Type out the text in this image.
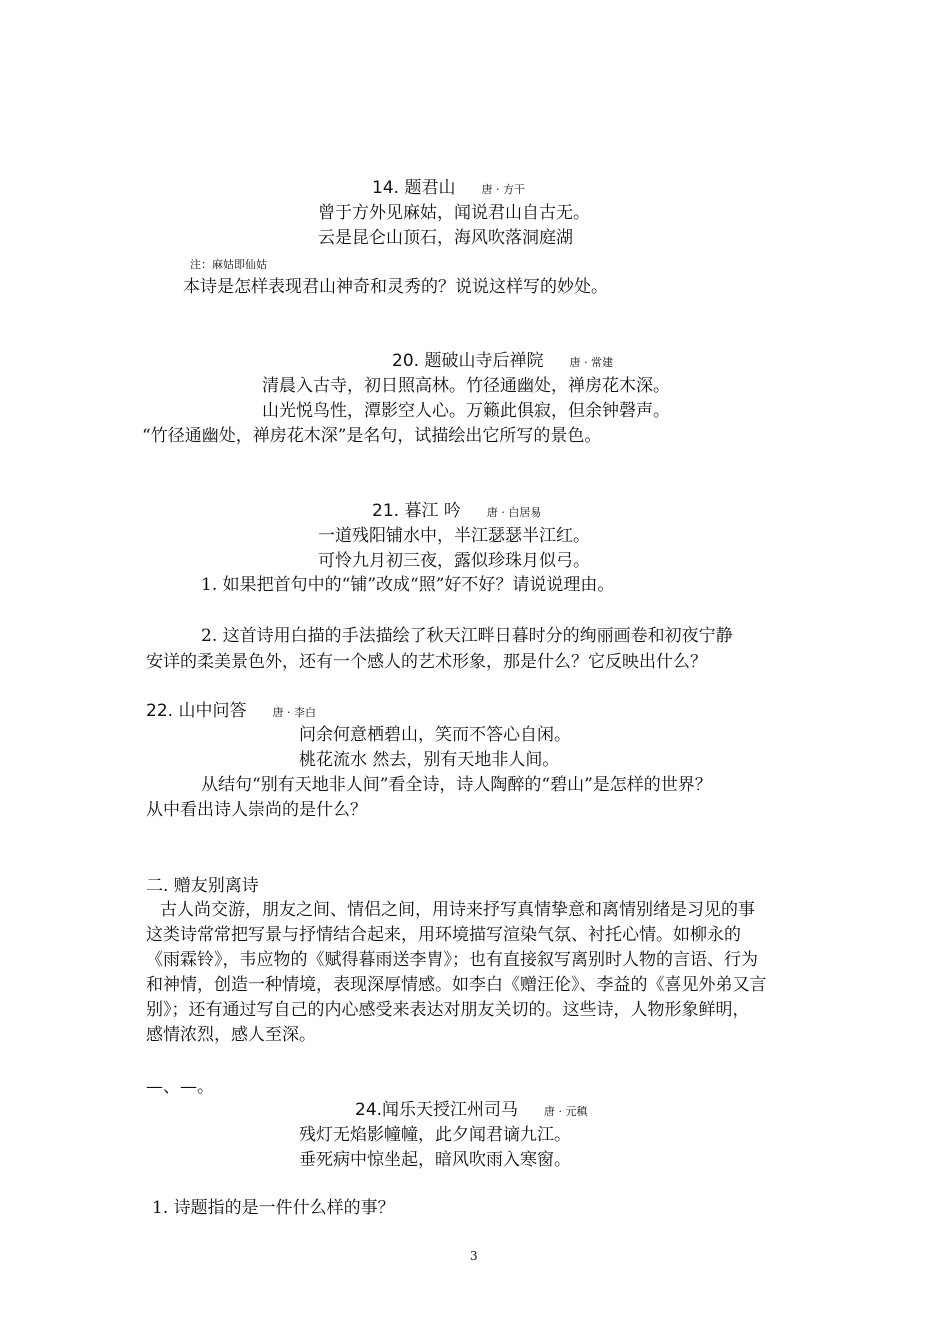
14. 题君山 唐 · 方干
曾于方外见麻姑，闻说君山自古无。
云是昆仑山顶石，海风吹落洞庭湖
注：麻姑即仙姑
本诗是怎样表现君山神奇和灵秀的？说说这样写的妙处。
20. 题破山寺后禅院 唐 · 常建
清晨入古寺，初日照高林。竹径通幽处，禅房花木深。
山光悦鸟性，潭影空人心。万籁此俱寂，但余钟磬声。
“竹径通幽处，禅房花木深”是名句，试描绘出它所写的景色。
21. 暮江 吟 唐 · 白居易
一道残阳铺水中，半江瑟瑟半江红。
可怜九月初三夜，露似珍珠月似弓。
1. 如果把首句中的“铺”改成“照”好不好？请说说理由。
2. 这首诗用白描的手法描绘了秋天江畔日暮时分的绚丽画卷和初夜宁静
安详的柔美景色外，还有一个感人的艺术形象，那是什么？它反映出什么？
22. 山中问答 唐 · 李白
问余何意栖碧山，笑而不答心自闲。
桃花流水 然去，别有天地非人间。
从结句“别有天地非人间”看全诗，诗人陶醉的“碧山”是怎样的世界？
从中看出诗人崇尚的是什么？
二. 赠友别离诗
古人尚交游，朋友之间、情侣之间，用诗来抒写真情挚意和离情别绪是习见的事
这类诗常常把写景与抒情结合起来，用环境描写渲染气氛、衬托心情。如柳永的
《雨霖铃》，韦应物的《赋得暮雨送李胄》；也有直接叙写离别时人物的言语、行为
和神情，创造一种情境，表现深厚情感。如李白《赠汪伦》、李益的《喜见外弟又言
别》；还有通过写自己的内心感受来表达对朋友关切的。这些诗，人物形象鲜明，
感情浓烈，感人至深。
—、—。
24.闻乐天授江州司马 唐 · 元稹
残灯无焰影幢幢，此夕闻君谪九江。
垂死病中惊坐起，暗风吹雨入寒窗。
1. 诗题指的是一件什么样的事？
3
